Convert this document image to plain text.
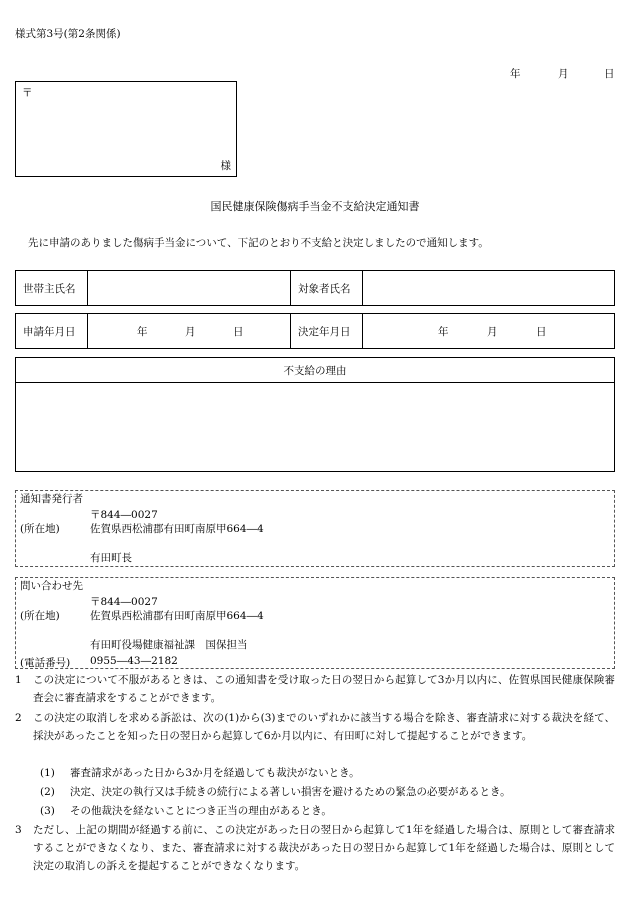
様式第3号(第2条関係)
年	月	日
〒
様
国民健康保険傷病手当金不支給決定通知書
先に申請のありました傷病手当金について、下記のとおり不支給と決定しましたので通知します。
世帯主氏名	対象者氏名
申請年月日	年	月	日	決定年月日	年	月	日
不支給の理由
通知書発行者
〒844―0027
(所在地)	佐賀県西松浦郡有田町南原甲664―4
有田町長
問い合わせ先
〒844―0027
(所在地)	佐賀県西松浦郡有田町南原甲664―4
有田町役場健康福祉課　国保担当
(電話番号) 0955―43―2182
1 この決定について不服があるときは、この通知書を受け取った日の翌日から起算して3か月以内に、佐賀県国民健康保険審査会に審査請求をすることができます。
2 この決定の取消しを求める訴訟は、次の(1)から(3)までのいずれかに該当する場合を除き、審査請求に対する裁決を経て、採決があったことを知った日の翌日から起算して6か月以内に、有田町に対して提起することができます。
(1) 審査請求があった日から3か月を経過しても裁決がないとき。
(2) 決定、決定の執行又は手続きの続行による著しい損害を避けるための緊急の必要があるとき。
(3) その他裁決を経ないことにつき正当の理由があるとき。
3 ただし、上記の期間が経過する前に、この決定があった日の翌日から起算して1年を経過した場合は、原則として審査請求することができなくなり、また、審査請求に対する裁決があった日の翌日から起算して1年を経過した場合は、原則として決定の取消しの訴えを提起することができなくなります。
